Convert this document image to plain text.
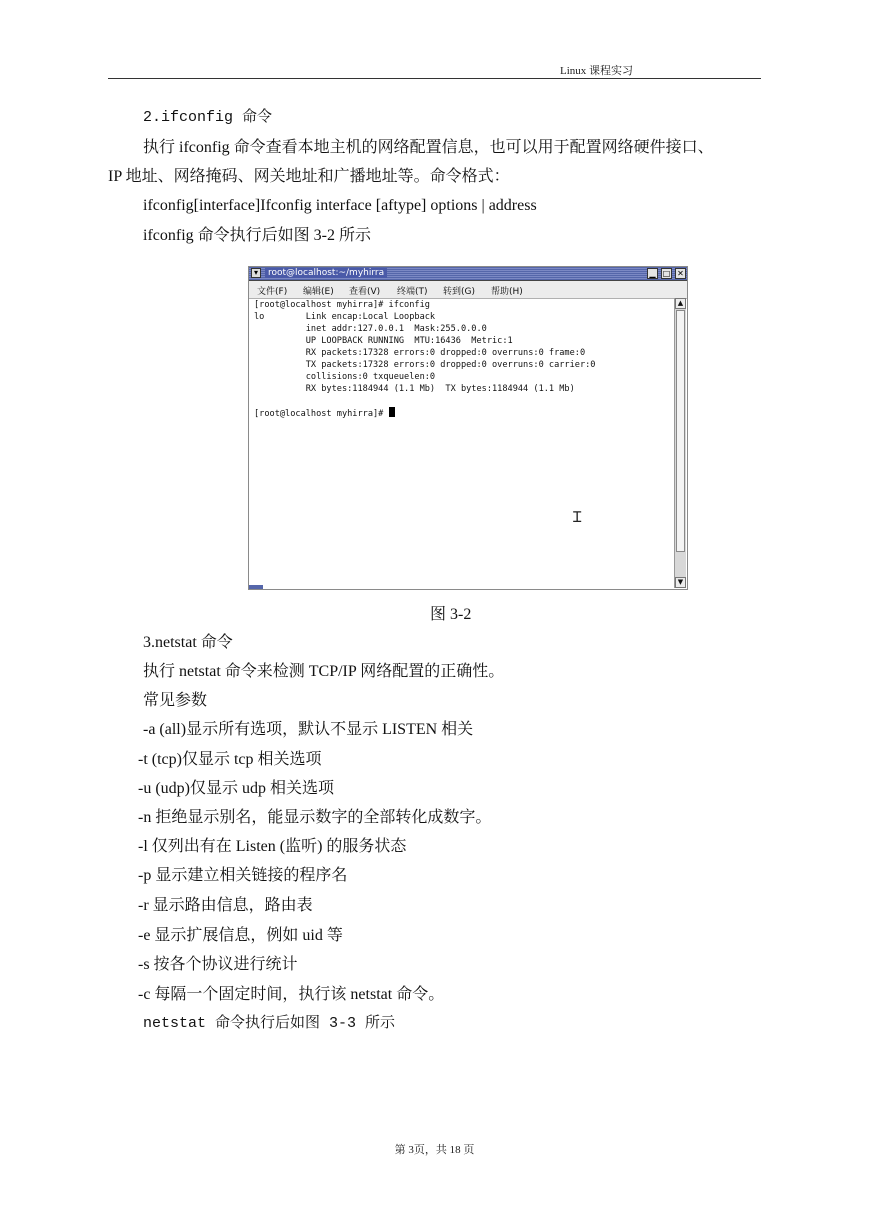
Linux 课程实习
2.ifconfig 命令
执行 ifconfig 命令查看本地主机的网络配置信息，也可以用于配置网络硬件接口、
IP 地址、网络掩码、网关地址和广播地址等。命令格式：
ifconfig[interface]Ifconfig interface [aftype] options | address
ifconfig 命令执行后如图 3-2 所示
▾	root@localhost:~/myhirra	▁ □ ✕
文件(F) 编辑(E) 查看(V) 终端(T) 转到(G) 帮助(H)
[root@localhost myhirra]# ifconfig
lo        Link encap:Local Loopback
inet addr:127.0.0.1  Mask:255.0.0.0
UP LOOPBACK RUNNING  MTU:16436  Metric:1
RX packets:17328 errors:0 dropped:0 overruns:0 frame:0
TX packets:17328 errors:0 dropped:0 overruns:0 carrier:0
collisions:0 txqueuelen:0
RX bytes:1184944 (1.1 Mb)  TX bytes:1184944 (1.1 Mb)

[root@localhost myhirra]#
Ɪ
▲
▼
图 3-2
3.netstat 命令
执行 netstat 命令来检测 TCP/IP 网络配置的正确性。
常见参数
-a (all)显示所有选项，默认不显示 LISTEN 相关
-t (tcp)仅显示 tcp 相关选项
-u (udp)仅显示 udp 相关选项
-n 拒绝显示别名，能显示数字的全部转化成数字。
-l 仅列出有在 Listen (监听) 的服务状态
-p 显示建立相关链接的程序名
-r 显示路由信息，路由表
-e 显示扩展信息，例如 uid 等
-s 按各个协议进行统计
-c 每隔一个固定时间，执行该 netstat 命令。
netstat 命令执行后如图 3-3 所示
第 3页，共 18 页
